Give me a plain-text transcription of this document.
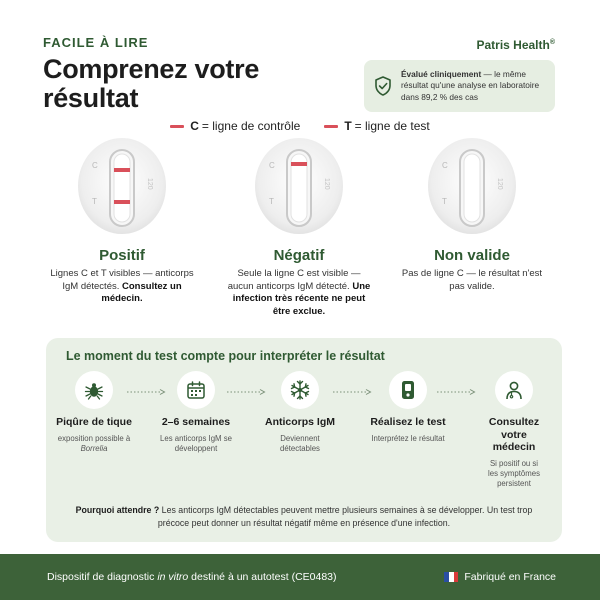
FACILE À LIRE	Patris Health®
Comprenez votre
résultat
Évalué cliniquement — le même résultat qu'une analyse en laboratoire dans 89,2 % des cas
C = ligne de contrôle	T = ligne de test
C
T
120
C
T
120
C
T
120
Positif
Lignes C et T visibles — anticorps IgM détectés. Consultez un médecin.
Négatif
Seule la ligne C est visible — aucun anticorps IgM détecté. Une infection très récente ne peut être exclue.
Non valide
Pas de ligne C — le résultat n'est pas valide.
Le moment du test compte pour interpréter le résultat
Piqûre de tique
exposition possible à Borrelia
2–6 semaines
Les anticorps IgM se développent
Anticorps IgM
Deviennent détectables
Réalisez le test
Interprétez le résultat
Consultez votre médecin
Si positif ou si les symptômes persistent
Pourquoi attendre ? Les anticorps IgM détectables peuvent mettre plusieurs semaines à se développer. Un test trop précoce peut donner un résultat négatif même en présence d'une infection.
Dispositif de diagnostic in vitro destiné à un autotest (CE0483)	Fabriqué en France
